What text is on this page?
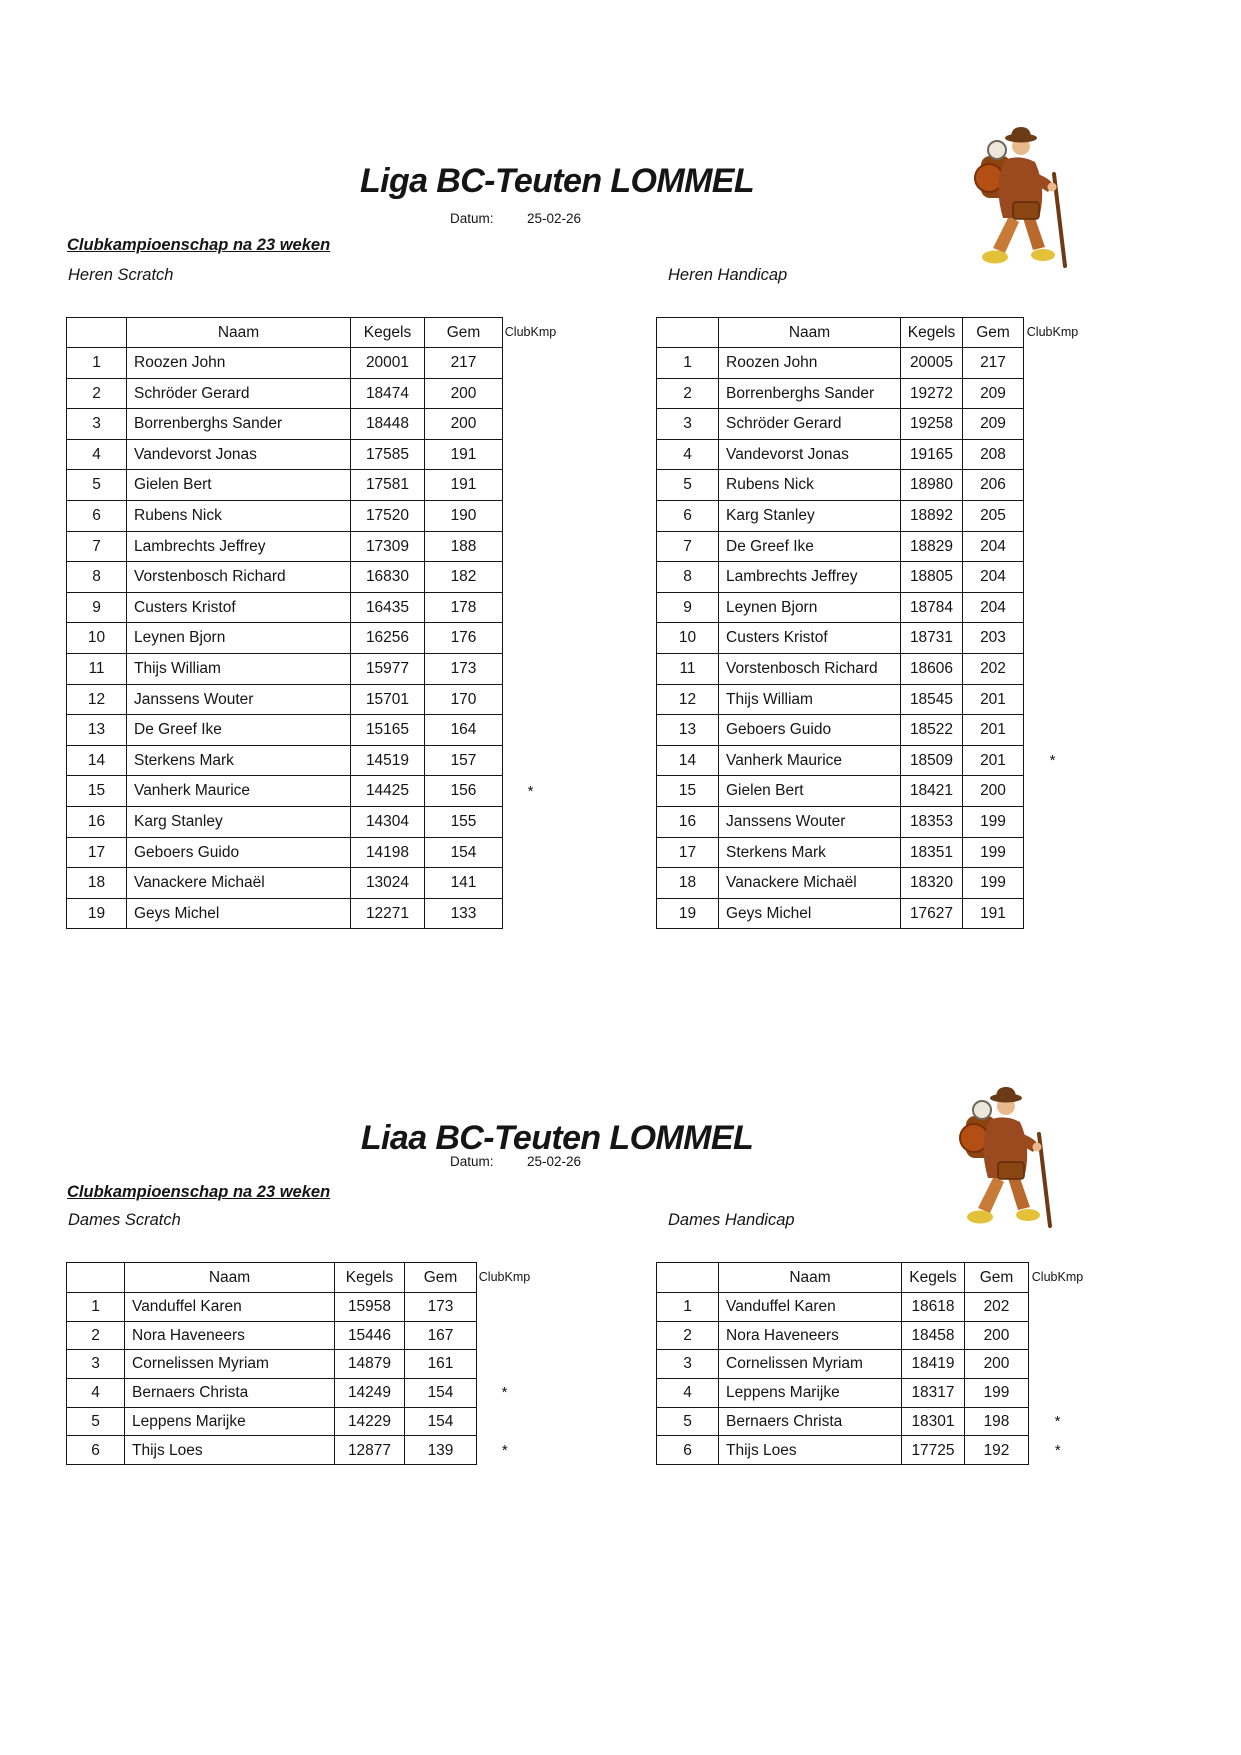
Liga BC-Teuten LOMMEL
Datum: 25-02-26
Clubkampioenschap na 23 weken
Heren Scratch	Heren Handicap
	Naam	Kegels	Gem	ClubKmp
1	Roozen John	20001	217	
2	Schröder Gerard	18474	200	
3	Borrenberghs Sander	18448	200	
4	Vandevorst Jonas	17585	191	
5	Gielen Bert	17581	191	
6	Rubens Nick	17520	190	
7	Lambrechts Jeffrey	17309	188	
8	Vorstenbosch Richard	16830	182	
9	Custers Kristof	16435	178	
10	Leynen Bjorn	16256	176	
11	Thijs William	15977	173	
12	Janssens Wouter	15701	170	
13	De Greef Ike	15165	164	
14	Sterkens Mark	14519	157	
15	Vanherk Maurice	14425	156	*
16	Karg Stanley	14304	155	
17	Geboers Guido	14198	154	
18	Vanackere Michaël	13024	141	
19	Geys Michel	12271	133	
	Naam	Kegels	Gem	ClubKmp
1	Roozen John	20005	217	
2	Borrenberghs Sander	19272	209	
3	Schröder Gerard	19258	209	
4	Vandevorst Jonas	19165	208	
5	Rubens Nick	18980	206	
6	Karg Stanley	18892	205	
7	De Greef Ike	18829	204	
8	Lambrechts Jeffrey	18805	204	
9	Leynen Bjorn	18784	204	
10	Custers Kristof	18731	203	
11	Vorstenbosch Richard	18606	202	
12	Thijs William	18545	201	
13	Geboers Guido	18522	201	
14	Vanherk Maurice	18509	201	*
15	Gielen Bert	18421	200	
16	Janssens Wouter	18353	199	
17	Sterkens Mark	18351	199	
18	Vanackere Michaël	18320	199	
19	Geys Michel	17627	191	
Liaa BC-Teuten LOMMEL
Datum: 25-02-26
Clubkampioenschap na 23 weken
Dames Scratch	Dames Handicap
	Naam	Kegels	Gem	ClubKmp
1	Vanduffel Karen	15958	173	
2	Nora Haveneers	15446	167	
3	Cornelissen Myriam	14879	161	
4	Bernaers Christa	14249	154	*
5	Leppens Marijke	14229	154	
6	Thijs Loes	12877	139	*
	Naam	Kegels	Gem	ClubKmp
1	Vanduffel Karen	18618	202	
2	Nora Haveneers	18458	200	
3	Cornelissen Myriam	18419	200	
4	Leppens Marijke	18317	199	
5	Bernaers Christa	18301	198	*
6	Thijs Loes	17725	192	*
